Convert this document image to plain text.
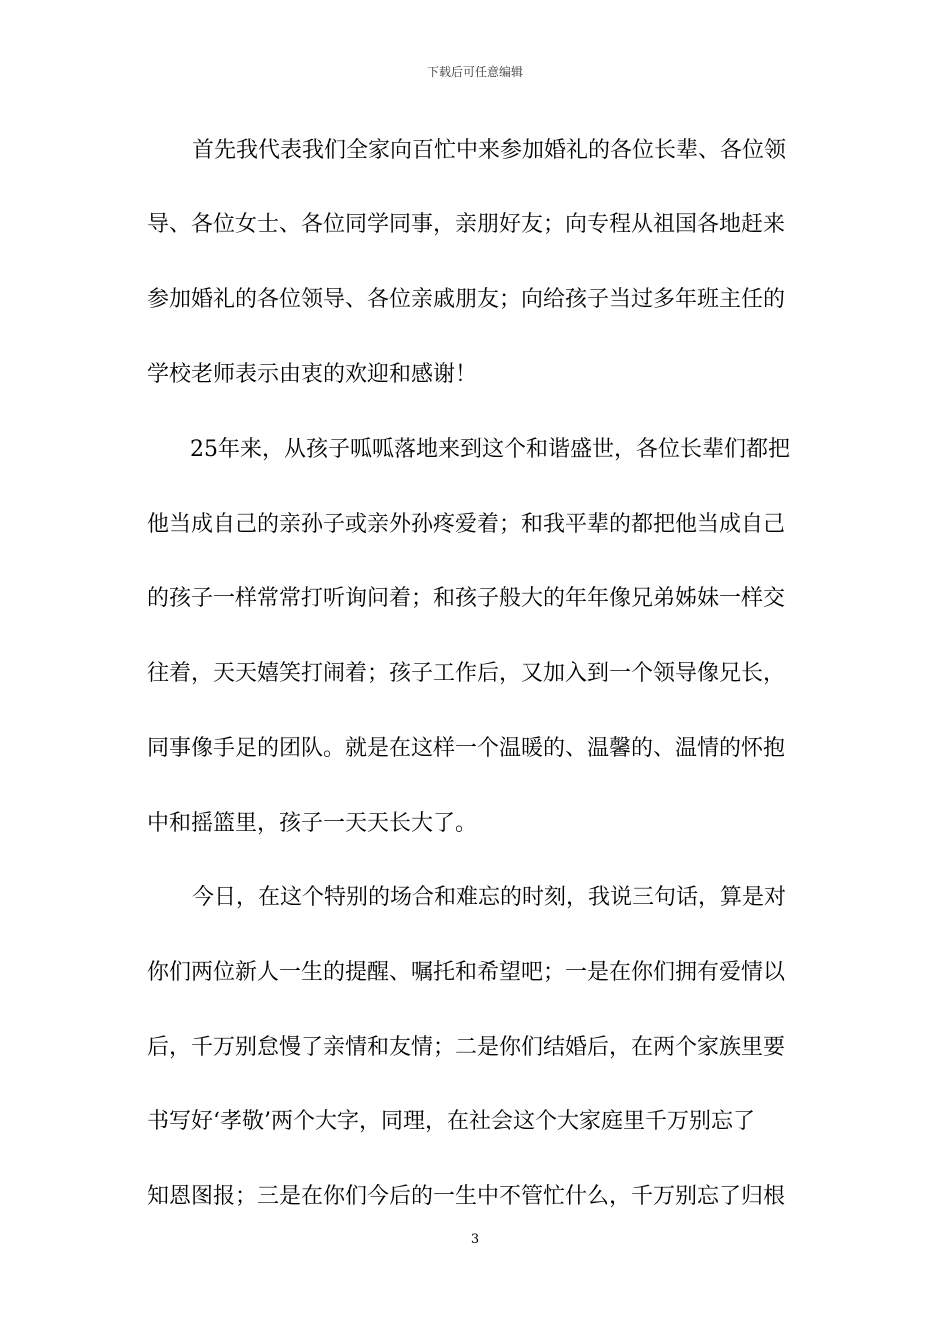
下载后可任意编辑
首先我代表我们全家向百忙中来参加婚礼的各位长辈、各位领
导、各位女士、各位同学同事，亲朋好友；向专程从祖国各地赶来
参加婚礼的各位领导、各位亲戚朋友；向给孩子当过多年班主任的
学校老师表示由衷的欢迎和感谢！
25年来，从孩子呱呱落地来到这个和谐盛世，各位长辈们都把
他当成自己的亲孙子或亲外孙疼爱着；和我平辈的都把他当成自己
的孩子一样常常打听询问着；和孩子般大的年年像兄弟姊妹一样交
往着，天天嬉笑打闹着；孩子工作后，又加入到一个领导像兄长，
同事像手足的团队。就是在这样一个温暖的、温馨的、温情的怀抱
中和摇篮里，孩子一天天长大了。
今日，在这个特别的场合和难忘的时刻，我说三句话，算是对
你们两位新人一生的提醒、嘱托和希望吧；一是在你们拥有爱情以
后，千万别怠慢了亲情和友情；二是你们结婚后，在两个家族里要
书写好‘孝敬’两个大字，同理，在社会这个大家庭里千万别忘了
知恩图报；三是在你们今后的一生中不管忙什么，千万别忘了归根
3
